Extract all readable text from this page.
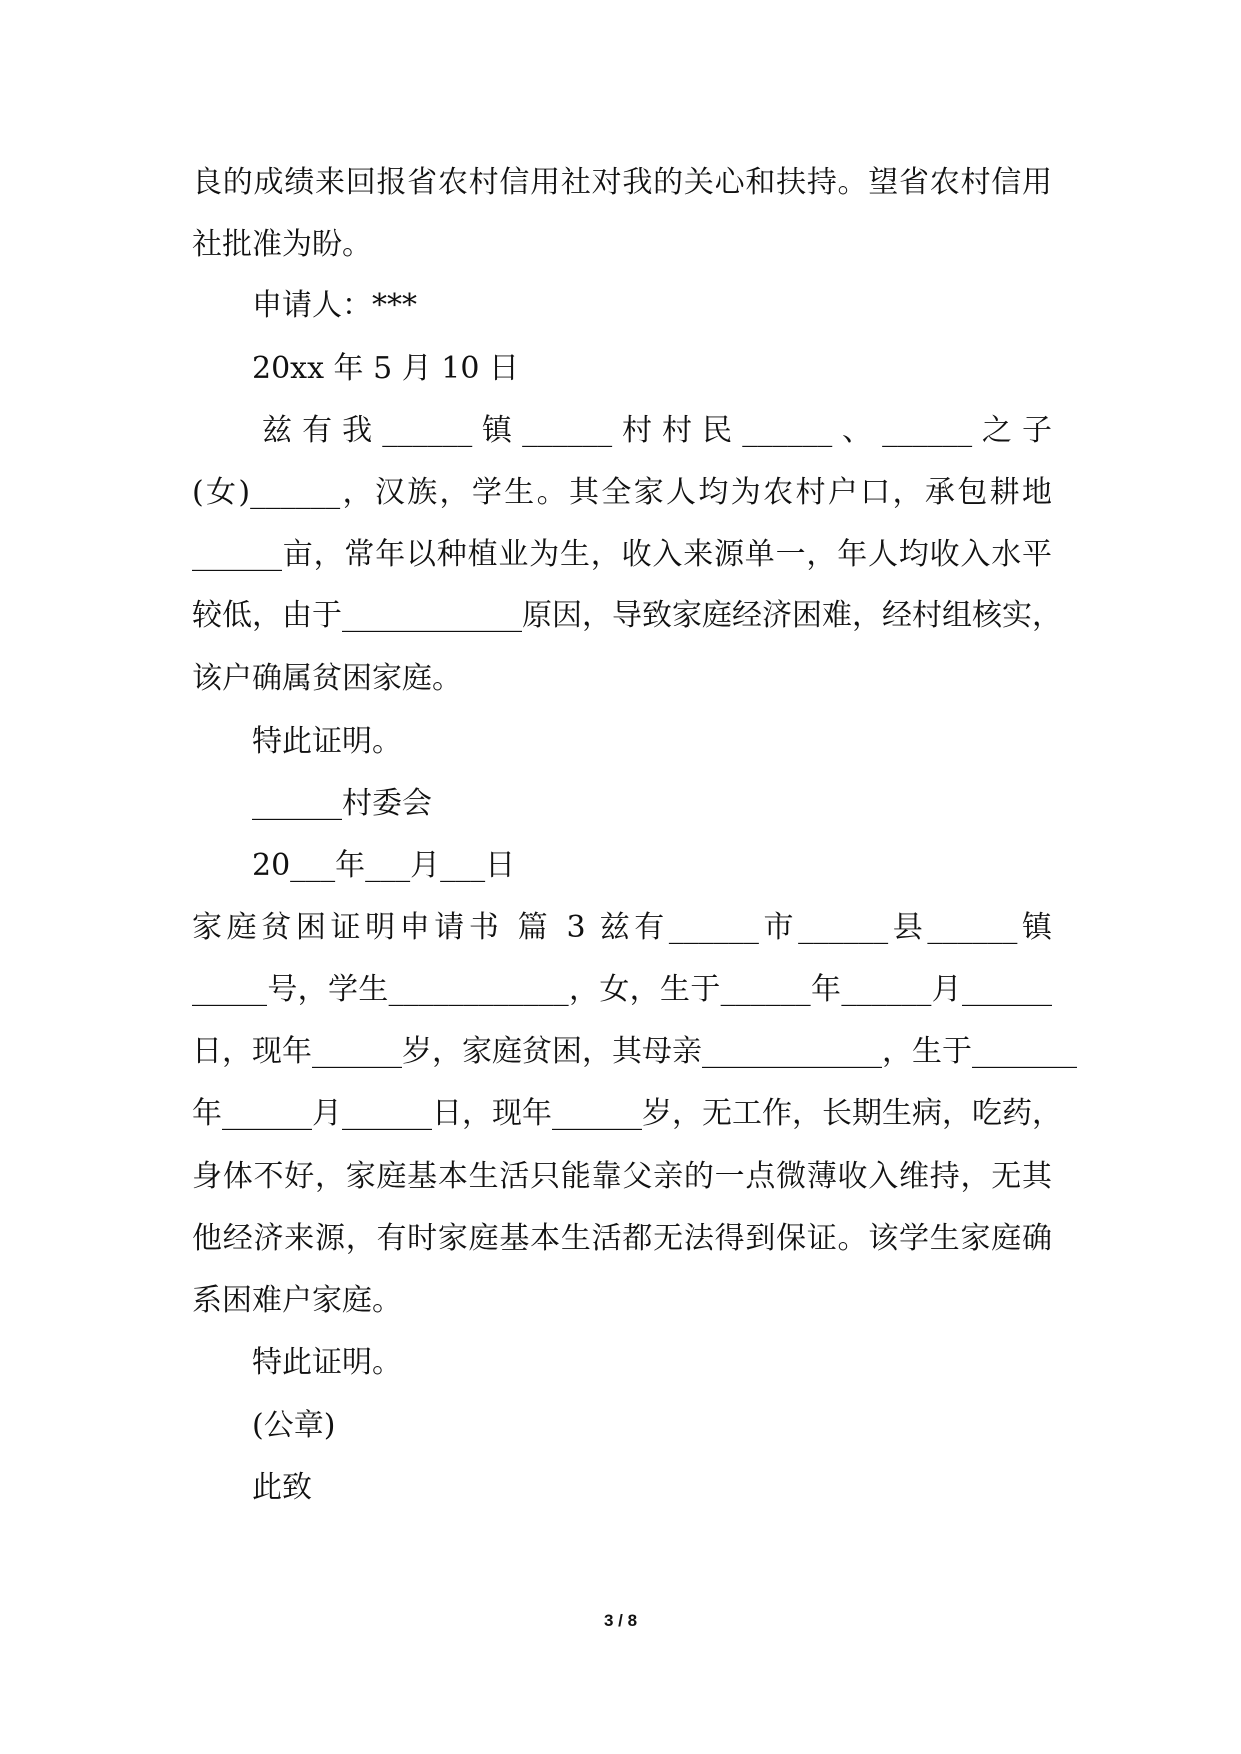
良的成绩来回报省农村信用社对我的关心和扶持。望省农村信用
社批准为盼。
申请人：***
20xx 年 5 月 10 日
兹 有 我 ______ 镇 ______ 村 村 民 ______ 、 ______ 之 子
(女)______，汉族，学生。其全家人均为农村户口，承包耕地
______亩，常年以种植业为生，收入来源单一，年人均收入水平
较低，由于____________原因，导致家庭经济困难，经村组核实，
该户确属贫困家庭。
特此证明。
______村委会
20___年___月___日
家庭贫困证明申请书 篇 3 兹有______市______县______镇
_____号，学生____________，女，生于______年______月______
日，现年______岁，家庭贫困，其母亲____________，生于_______
年______月______日，现年______岁，无工作，长期生病，吃药，
身体不好，家庭基本生活只能靠父亲的一点微薄收入维持，无其
他经济来源，有时家庭基本生活都无法得到保证。该学生家庭确
系困难户家庭。
特此证明。
(公章)
此致
3 / 8
